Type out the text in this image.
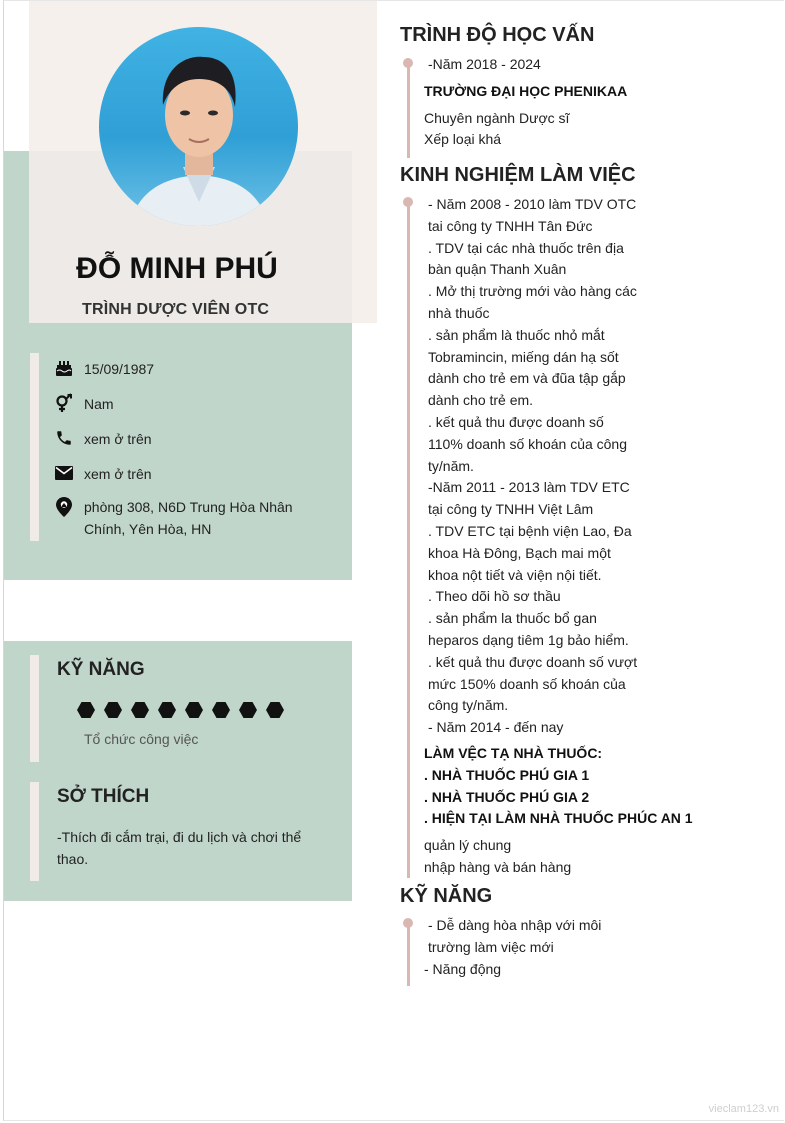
ĐỖ MINH PHÚ
TRÌNH DƯỢC VIÊN OTC
15/09/1987
Nam
xem ở trên
xem ở trên
phòng 308, N6D Trung Hòa Nhân Chính, Yên Hòa, HN
KỸ NĂNG
Tổ chức công việc
SỞ THÍCH
-Thích đi cắm trại, đi du lịch và chơi thể thao.
TRÌNH ĐỘ HỌC VẤN
-Năm 2018 - 2024
TRƯỜNG ĐẠI HỌC PHENIKAA
Chuyên ngành Dược sĩ
Xếp loại khá
KINH NGHIỆM LÀM VIỆC
- Năm 2008 - 2010 làm TDV OTC
tai công ty TNHH Tân Đức
. TDV tại các nhà thuốc trên địa
bàn quận Thanh Xuân
. Mở thị trường mới vào hàng các
nhà thuốc
. sản phẩm là thuốc nhỏ mắt
Tobramincin, miếng dán hạ sốt
dành cho trẻ em và đũa tập gắp
dành cho trẻ em.
. kết quả thu được doanh số
110% doanh số khoán của công
ty/năm.
-Năm 2011 - 2013 làm TDV ETC
tại công ty TNHH Việt Lâm
. TDV ETC tại bệnh viện Lao, Đa
khoa Hà Đông, Bạch mai một
khoa nột tiết và viện nội tiết.
. Theo dõi hồ sơ thầu
. sản phẩm la thuốc bổ gan
heparos dạng tiêm 1g bảo hiểm.
. kết quả thu được doanh số vượt
mức 150% doanh số khoán của
công ty/năm.
- Năm 2014 - đến nay
LÀM VỆC TẠ NHÀ THUỐC:
. NHÀ THUỐC PHÚ GIA 1
. NHÀ THUỐC PHÚ GIA 2
. HIỆN TẠI LÀM NHÀ THUỐC PHÚC AN 1
quản lý chung
nhập hàng và bán hàng
KỸ NĂNG
- Dễ dàng hòa nhập với môi
trường làm việc mới
- Năng động
vieclam123.vn
